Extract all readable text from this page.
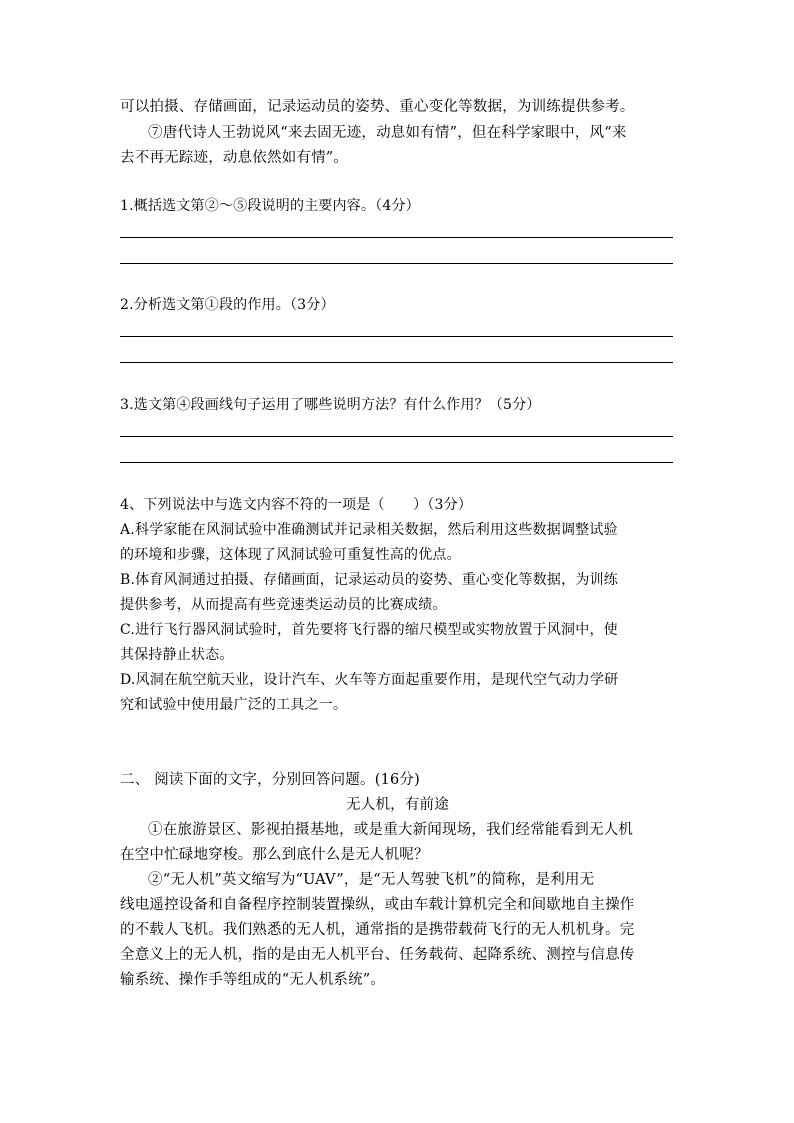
可以拍摄、存储画面，记录运动员的姿势、重心变化等数据，为训练提供参考。
⑦唐代诗人王勃说风“来去固无迹，动息如有情”，但在科学家眼中，风“来
去不再无踪迹，动息依然如有情”。
1.概括选文第②～⑤段说明的主要内容。（4分）
2.分析选文第①段的作用。（3分）
3.选文第④段画线句子运用了哪些说明方法？有什么作用？（5分）
4、下列说法中与选文内容不符的一项是（　　）（3分）
A.科学家能在风洞试验中准确测试并记录相关数据，然后利用这些数据调整试验
的环境和步骤，这体现了风洞试验可重复性高的优点。
B.体育风洞通过拍摄、存储画面，记录运动员的姿势、重心变化等数据，为训练
提供参考，从而提高有些竞速类运动员的比赛成绩。
C.进行飞行器风洞试验时，首先要将飞行器的缩尺模型或实物放置于风洞中，使
其保持静止状态。
D.风洞在航空航天业，设计汽车、火车等方面起重要作用，是现代空气动力学研
究和试验中使用最广泛的工具之一。
二、 阅读下面的文字，分别回答问题。(16分)
无人机，有前途
①在旅游景区、影视拍摄基地，或是重大新闻现场，我们经常能看到无人机
在空中忙碌地穿梭。那么到底什么是无人机呢？
②“无人机”英文缩写为“UAV”，是“无人驾驶飞机”的简称，是利用无
线电遥控设备和自备程序控制装置操纵，或由车载计算机完全和间歇地自主操作
的不载人飞机。我们熟悉的无人机，通常指的是携带载荷飞行的无人机机身。完
全意义上的无人机，指的是由无人机平台、任务载荷、起降系统、测控与信息传
输系统、操作手等组成的“无人机系统”。
